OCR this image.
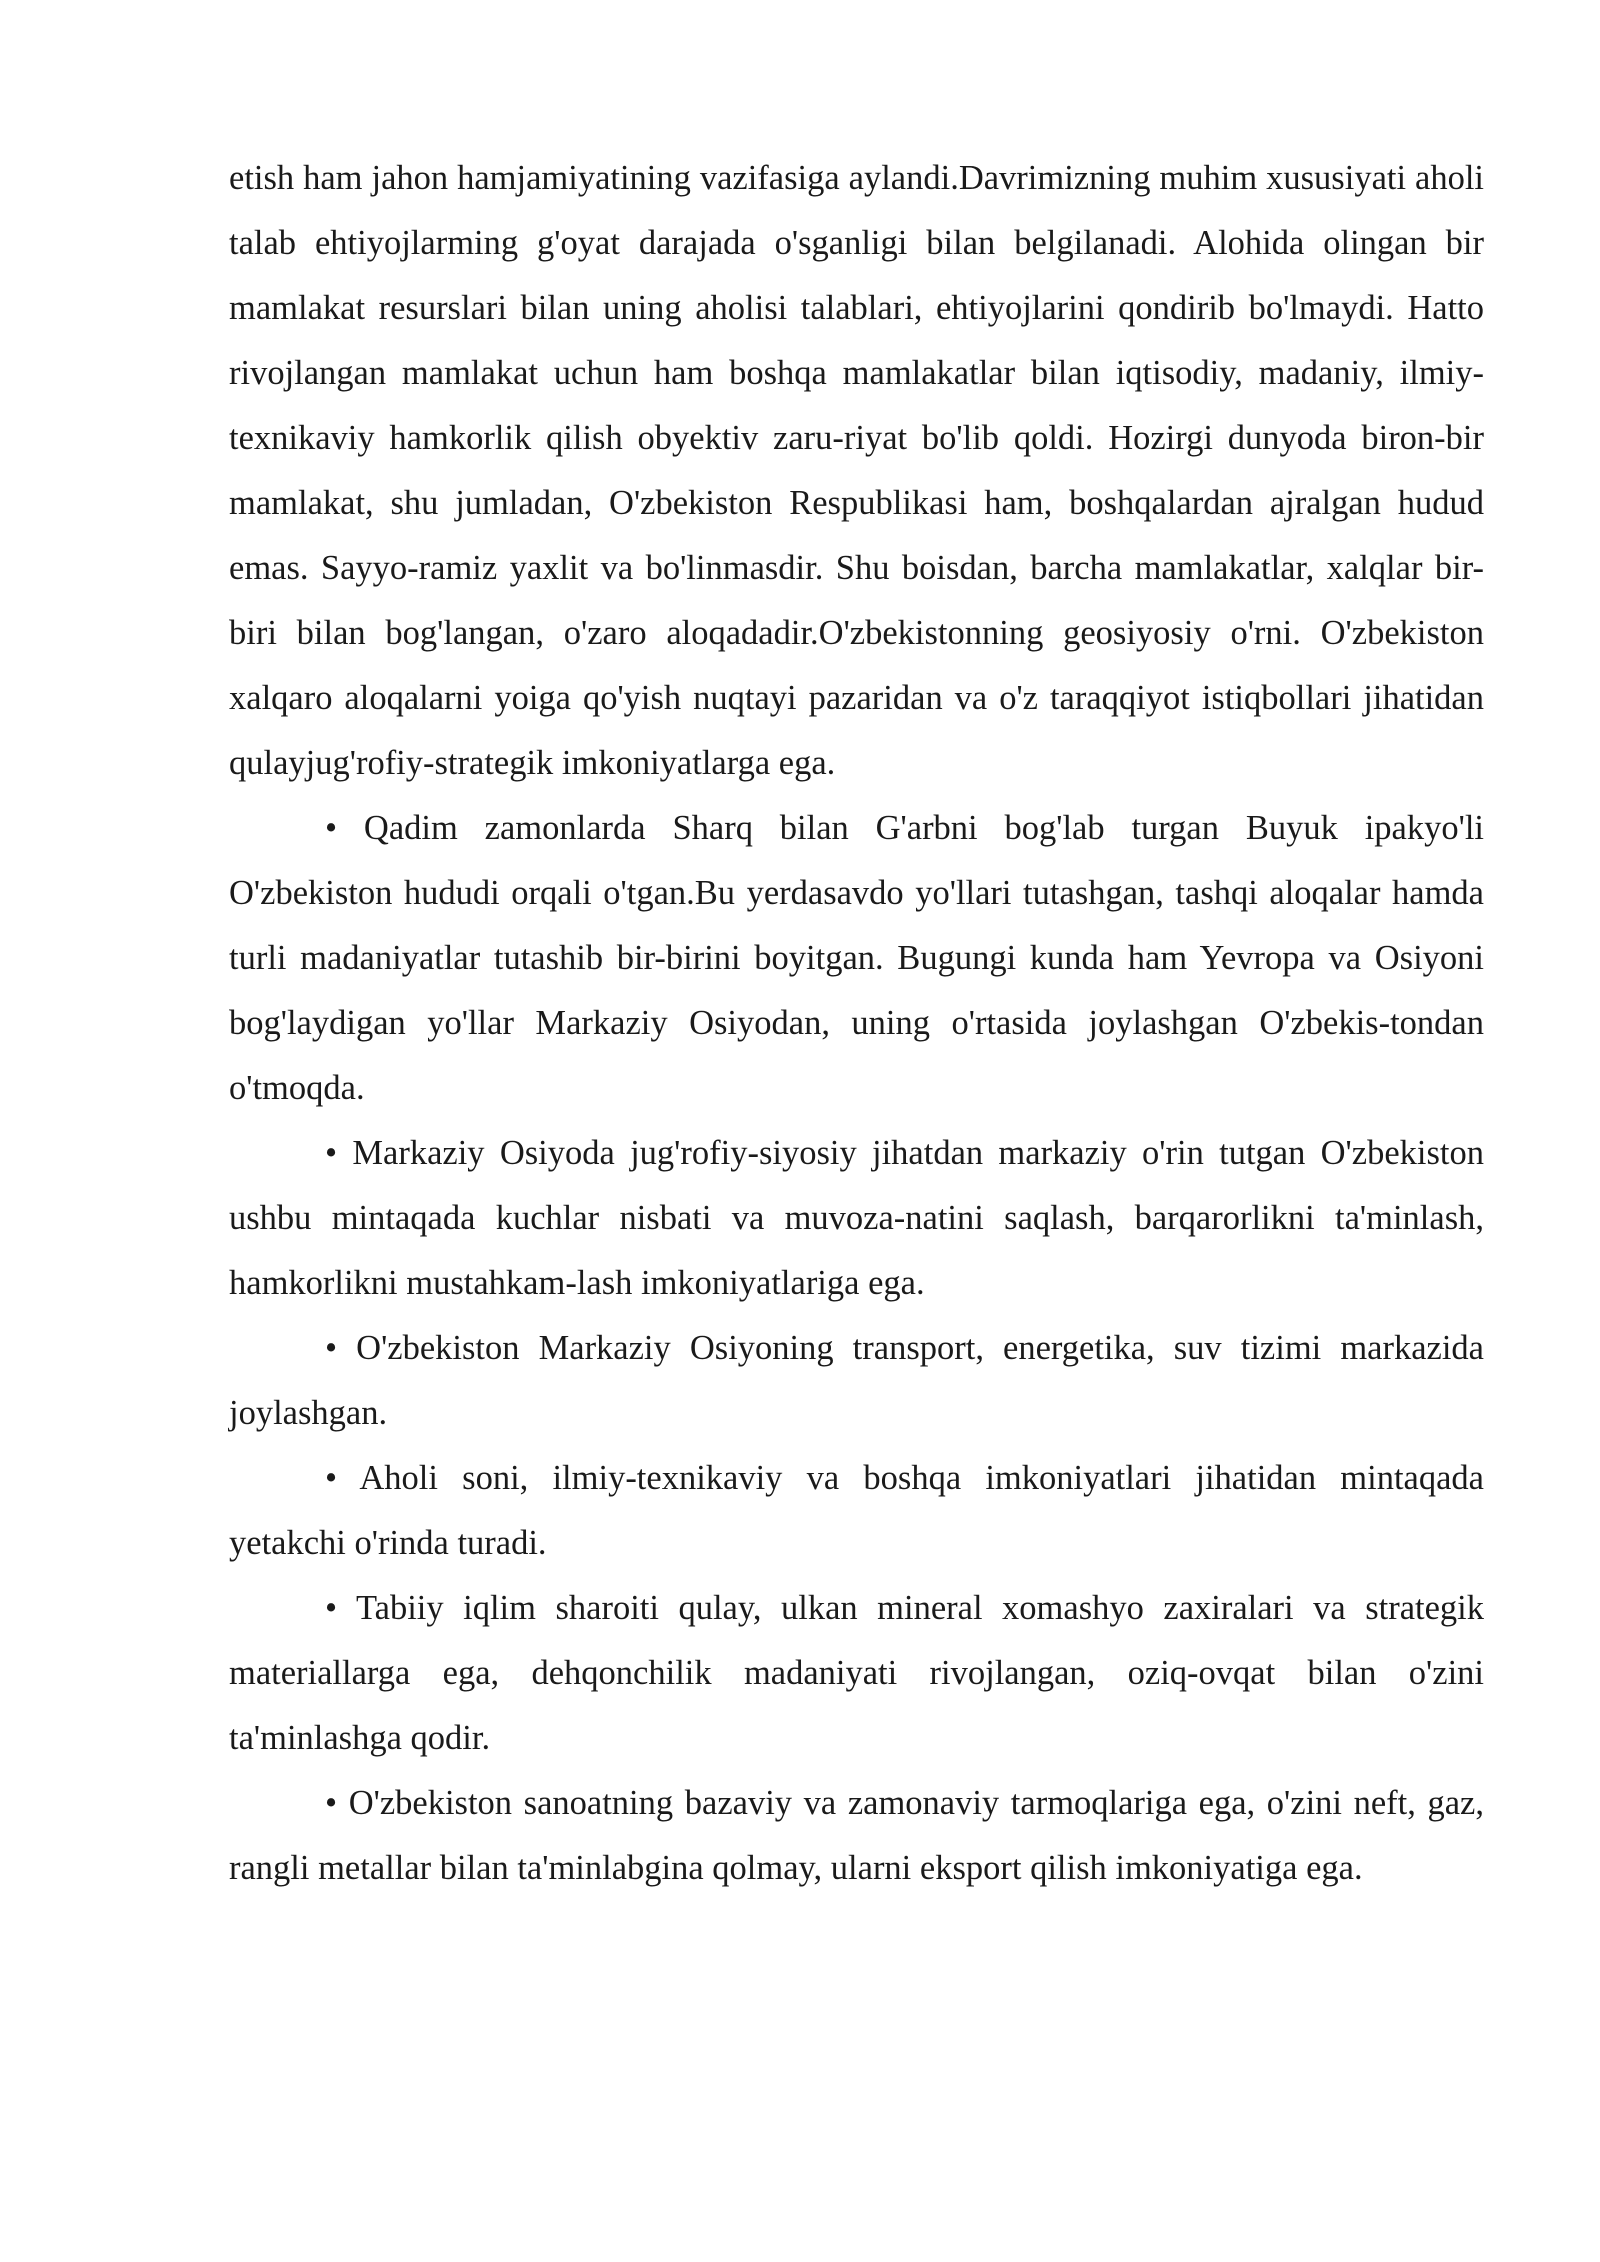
etish ham jahon hamjamiyatining vazifasiga aylandi.Davrimizning muhim xususiyati aholi talab ehtiyojlarming g'oyat darajada o'sganligi bilan belgilanadi. Alohida olingan bir mamlakat resurslari bilan uning aholisi talablari, ehtiyojlarini qondirib bo'lmaydi. Hatto rivojlangan mamlakat uchun ham boshqa mamlakatlar bilan iqtisodiy, madaniy, ilmiy-texnikaviy hamkorlik qilish obyektiv zaru-riyat bo'lib qoldi. Hozirgi dunyoda biron-bir mamlakat, shu jumladan, O'zbekiston Respublikasi ham, boshqalardan ajralgan hudud emas. Sayyo-ramiz yaxlit va bo'linmasdir. Shu boisdan, barcha mamlakatlar, xalqlar bir-biri bilan bog'langan, o'zaro aloqadadir.O'zbekistonning geosiyosiy o'rni. O'zbekiston xalqaro aloqalarni yoiga qo'yish nuqtayi pazaridan va o'z taraqqiyot istiqbollari jihatidan qulayjug'rofiy-strategik imkoniyatlarga ega.

• Qadim zamonlarda Sharq bilan G'arbni bog'lab turgan Buyuk ipakyo'li O'zbekiston hududi orqali o'tgan.Bu yerdasavdo yo'llari tutashgan, tashqi aloqalar hamda turli madaniyatlar tutashib bir-birini boyitgan. Bugungi kunda ham Yevropa va Osiyoni bog'laydigan yo'llar Markaziy Osiyodan, uning o'rtasida joylashgan O'zbekis-tondan o'tmoqda.

• Markaziy Osiyoda jug'rofiy-siyosiy jihatdan markaziy o'rin tutgan O'zbekiston ushbu mintaqada kuchlar nisbati va muvoza-natini saqlash, barqarorlikni ta'minlash, hamkorlikni mustahkam-lash imkoniyatlariga ega.

• O'zbekiston Markaziy Osiyoning transport, energetika, suv tizimi markazida joylashgan.

• Aholi soni, ilmiy-texnikaviy va boshqa imkoniyatlari jihatidan mintaqada yetakchi o'rinda turadi.

• Tabiiy iqlim sharoiti qulay, ulkan mineral xomashyo zaxiralari va strategik materiallarga ega, dehqonchilik madaniyati rivojlangan, oziq-ovqat bilan o'zini ta'minlashga qodir.

• O'zbekiston sanoatning bazaviy va zamonaviy tarmoqlariga ega, o'zini neft, gaz, rangli metallar bilan ta'minlabgina qolmay, ularni eksport qilish imkoniyatiga ega.
